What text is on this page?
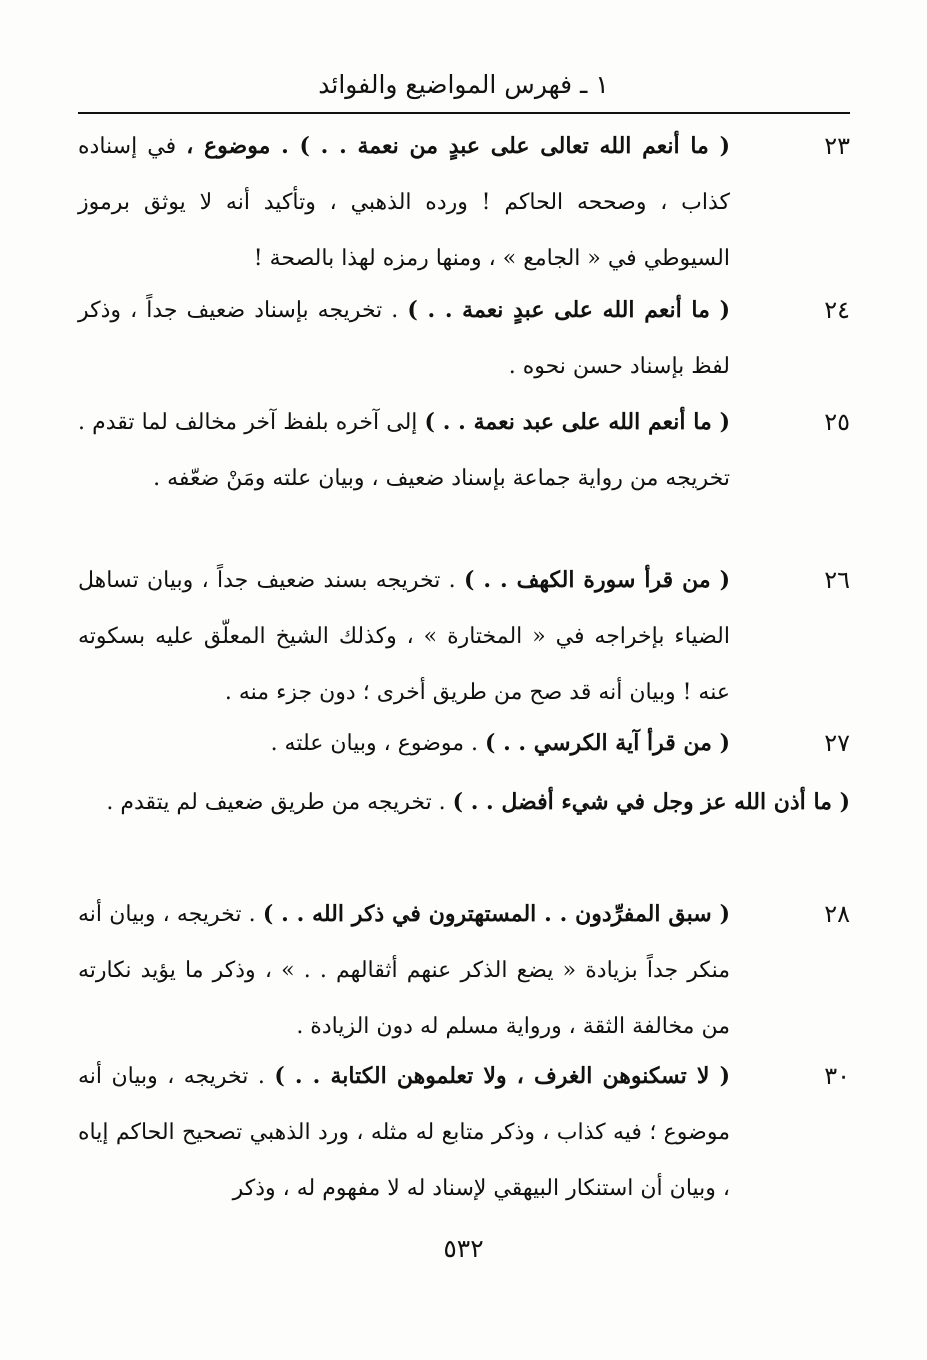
١ ـ فهرس المواضيع والفوائد
٢٣
( ما أنعم الله تعالى على عبدٍ من نعمة . . ) . موضوع ، في إسناده كذاب ، وصححه الحاكم ! ورده الذهبي ، وتأكيد أنه لا يوثق برموز السيوطي في « الجامع » ، ومنها رمزه لهذا بالصحة !
٢٤
( ما أنعم الله على عبدٍ نعمة . . ) . تخريجه بإسناد ضعيف جداً ، وذكر لفظ بإسناد حسن نحوه .
٢٥
( ما أنعم الله على عبد نعمة . . ) إلى آخره بلفظ آخر مخالف لما تقدم . تخريجه من رواية جماعة بإسناد ضعيف ، وبيان علته ومَنْ ضعّفه .
٢٦
( من قرأ سورة الكهف . . ) . تخريجه بسند ضعيف جداً ، وبيان تساهل الضياء بإخراجه في « المختارة » ، وكذلك الشيخ المعلّق عليه بسكوته عنه ! وبيان أنه قد صح من طريق أخرى ؛ دون جزء منه .
٢٧
( من قرأ آية الكرسي . . ) . موضوع ، وبيان علته .
( ما أذن الله عز وجل في شيء أفضل . . ) . تخريجه من طريق ضعيف لم يتقدم .
٢٨
( سبق المفرِّدون . . المستهترون في ذكر الله . . ) . تخريجه ، وبيان أنه منكر جداً بزيادة « يضع الذكر عنهم أثقالهم . . » ، وذكر ما يؤيد نكارته من مخالفة الثقة ، ورواية مسلم له دون الزيادة .
٣٠
( لا تسكنوهن الغرف ، ولا تعلموهن الكتابة . . ) . تخريجه ، وبيان أنه موضوع ؛ فيه كذاب ، وذكر متابع له مثله ، ورد الذهبي تصحيح الحاكم إياه ، وبيان أن استنكار البيهقي لإسناد له لا مفهوم له ، وذكر
٥٣٢
